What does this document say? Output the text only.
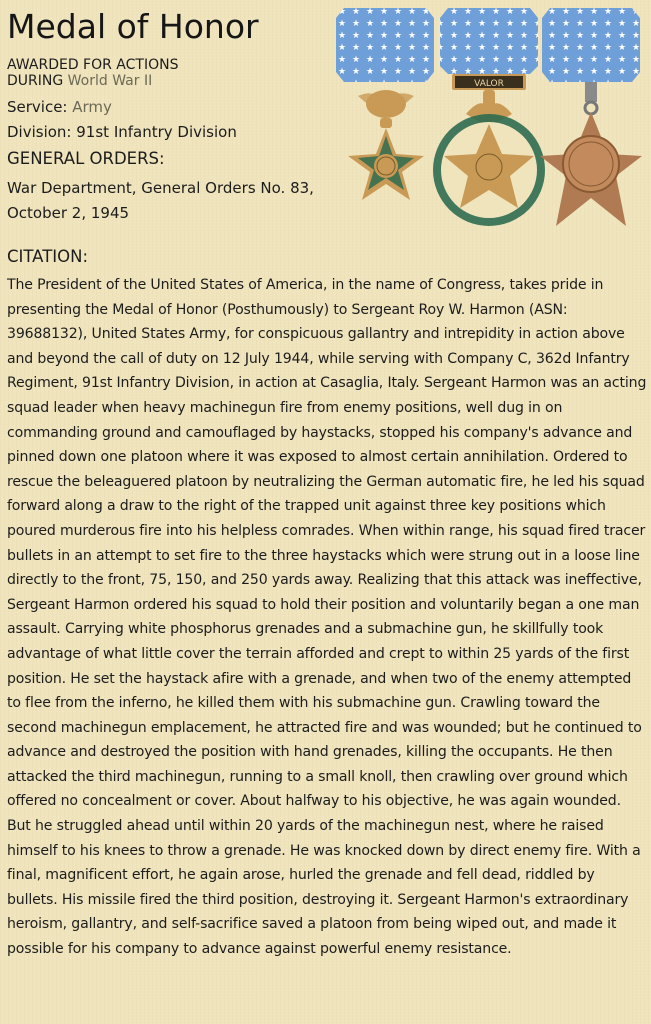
Medal of Honor
AWARDED FOR ACTIONS
DURING World War II
Service: Army
Division: 91st Infantry Division
GENERAL ORDERS:
War Department, General Orders No. 83, October 2, 1945
CITATION:

The President of the United States of America, in the name of Congress, takes pride in presenting the Medal of Honor (Posthumously) to Sergeant Roy W. Harmon (ASN: 39688132), United States Army, for conspicuous gallantry and intrepidity in action above and beyond the call of duty on 12 July 1944, while serving with Company C, 362d Infantry Regiment, 91st Infantry Division, in action at Casaglia, Italy. Sergeant Harmon was an acting squad leader when heavy machinegun fire from enemy positions, well dug in on commanding ground and camouflaged by haystacks, stopped his company's advance and pinned down one platoon where it was exposed to almost certain annihilation. Ordered to rescue the beleaguered platoon by neutralizing the German automatic fire, he led his squad forward along a draw to the right of the trapped unit against three key positions which poured murderous fire into his helpless comrades. When within range, his squad fired tracer bullets in an attempt to set fire to the three haystacks which were strung out in a loose line directly to the front, 75, 150, and 250 yards away. Realizing that this attack was ineffective, Sergeant Harmon ordered his squad to hold their position and voluntarily began a one man assault. Carrying white phosphorus grenades and a submachine gun, he skillfully took advantage of what little cover the terrain afforded and crept to within 25 yards of the first position. He set the haystack afire with a grenade, and when two of the enemy attempted to flee from the inferno, he killed them with his submachine gun. Crawling toward the second machinegun emplacement, he attracted fire and was wounded; but he continued to advance and destroyed the position with hand grenades, killing the occupants. He then attacked the third machinegun, running to a small knoll, then crawling over ground which offered no concealment or cover. About halfway to his objective, he was again wounded. But he struggled ahead until within 20 yards of the machinegun nest, where he raised himself to his knees to throw a grenade. He was knocked down by direct enemy fire. With a final, magnificent effort, he again arose, hurled the grenade and fell dead, riddled by bullets. His missile fired the third position, destroying it. Sergeant Harmon's extraordinary heroism, gallantry, and self-sacrifice saved a platoon from being wiped out, and made it possible for his company to advance against powerful enemy resistance.

VALOR
